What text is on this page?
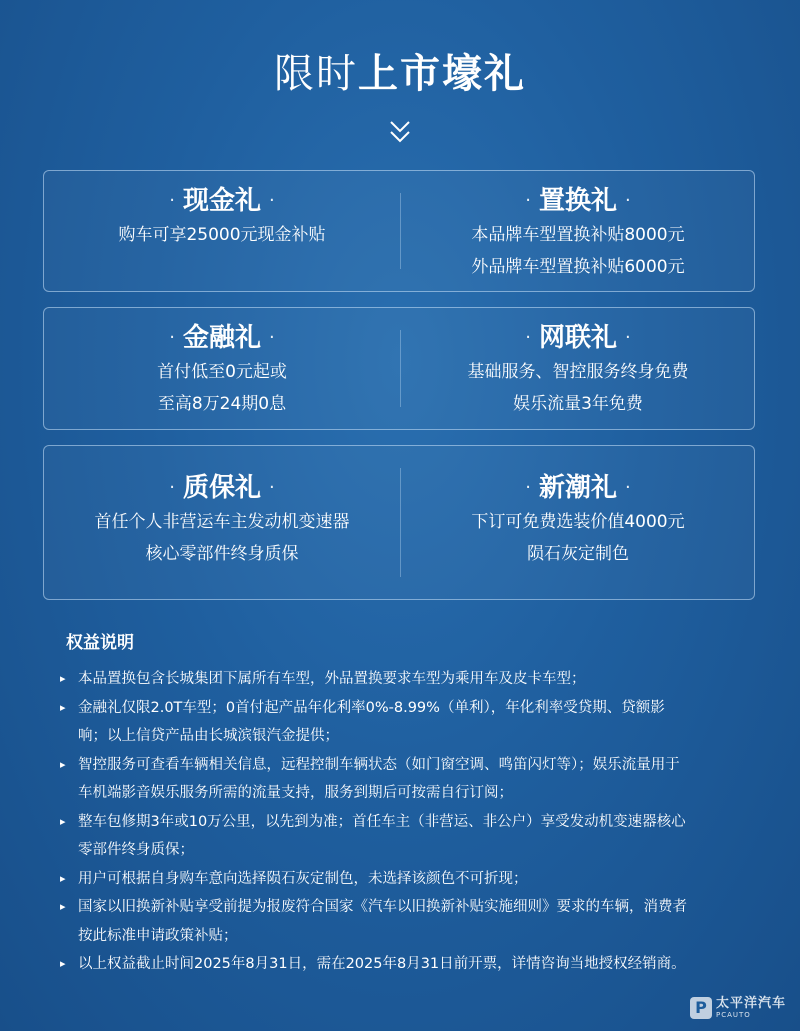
限时上市壕礼
· 现金礼 ·
购车可享25000元现金补贴
· 置换礼 ·
本品牌车型置换补贴8000元
外品牌车型置换补贴6000元
· 金融礼 ·
首付低至0元起或
至高8万24期0息
· 网联礼 ·
基础服务、智控服务终身免费
娱乐流量3年免费
· 质保礼 ·
首任个人非营运车主发动机变速器
核心零部件终身质保
· 新潮礼 ·
下订可免费选装价值4000元
陨石灰定制色
权益说明
▸ 本品置换包含长城集团下属所有车型，外品置换要求车型为乘用车及皮卡车型；
▸ 金融礼仅限2.0T车型；0首付起产品年化利率0%-8.99%（单利），年化利率受贷期、贷额影
响；以上信贷产品由长城滨银汽金提供；
▸ 智控服务可查看车辆相关信息，远程控制车辆状态（如门窗空调、鸣笛闪灯等）；娱乐流量用于
车机端影音娱乐服务所需的流量支持，服务到期后可按需自行订阅；
▸ 整车包修期3年或10万公里，以先到为准；首任车主（非营运、非公户）享受发动机变速器核心
零部件终身质保；
▸ 用户可根据自身购车意向选择陨石灰定制色，未选择该颜色不可折现；
▸ 国家以旧换新补贴享受前提为报废符合国家《汽车以旧换新补贴实施细则》要求的车辆，消费者
按此标准申请政策补贴；
▸ 以上权益截止时间2025年8月31日，需在2025年8月31日前开票，详情咨询当地授权经销商。
P 太平洋汽车
PCAUTO
